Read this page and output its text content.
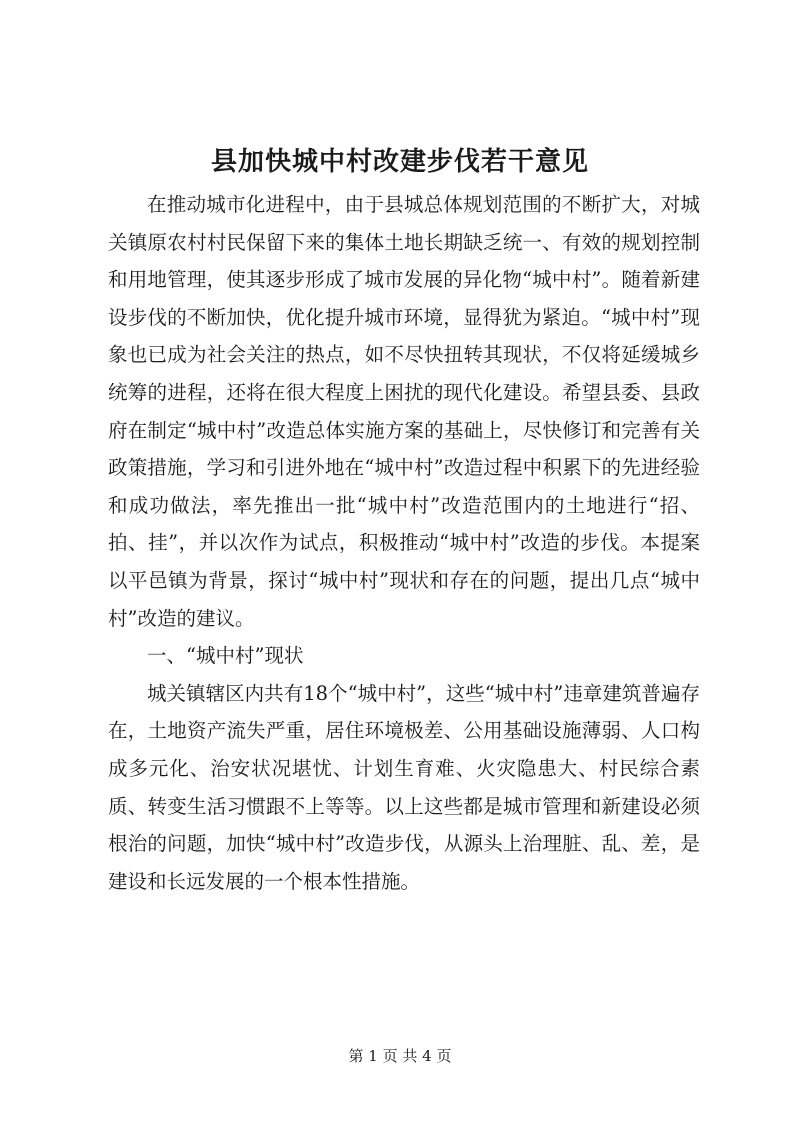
县加快城中村改建步伐若干意见

在推动城市化进程中，由于县城总体规划范围的不断扩大，对城关镇原农村村民保留下来的集体土地长期缺乏统一、有效的规划控制和用地管理，使其逐步形成了城市发展的异化物“城中村”。随着新建设步伐的不断加快，优化提升城市环境，显得犹为紧迫。“城中村”现象也已成为社会关注的热点，如不尽快扭转其现状，不仅将延缓城乡统筹的进程，还将在很大程度上困扰的现代化建设。希望县委、县政府在制定“城中村”改造总体实施方案的基础上，尽快修订和完善有关政策措施，学习和引进外地在“城中村”改造过程中积累下的先进经验和成功做法，率先推出一批“城中村”改造范围内的土地进行“招、拍、挂”，并以次作为试点，积极推动“城中村”改造的步伐。本提案以平邑镇为背景，探讨“城中村”现状和存在的问题，提出几点“城中村”改造的建议。

一、“城中村”现状

城关镇辖区内共有18个“城中村”，这些“城中村”违章建筑普遍存在，土地资产流失严重，居住环境极差、公用基础设施薄弱、人口构成多元化、治安状况堪忧、计划生育难、火灾隐患大、村民综合素质、转变生活习惯跟不上等等。以上这些都是城市管理和新建设必须根治的问题，加快“城中村”改造步伐，从源头上治理脏、乱、差，是建设和长远发展的一个根本性措施。

第 1 页 共 4 页
